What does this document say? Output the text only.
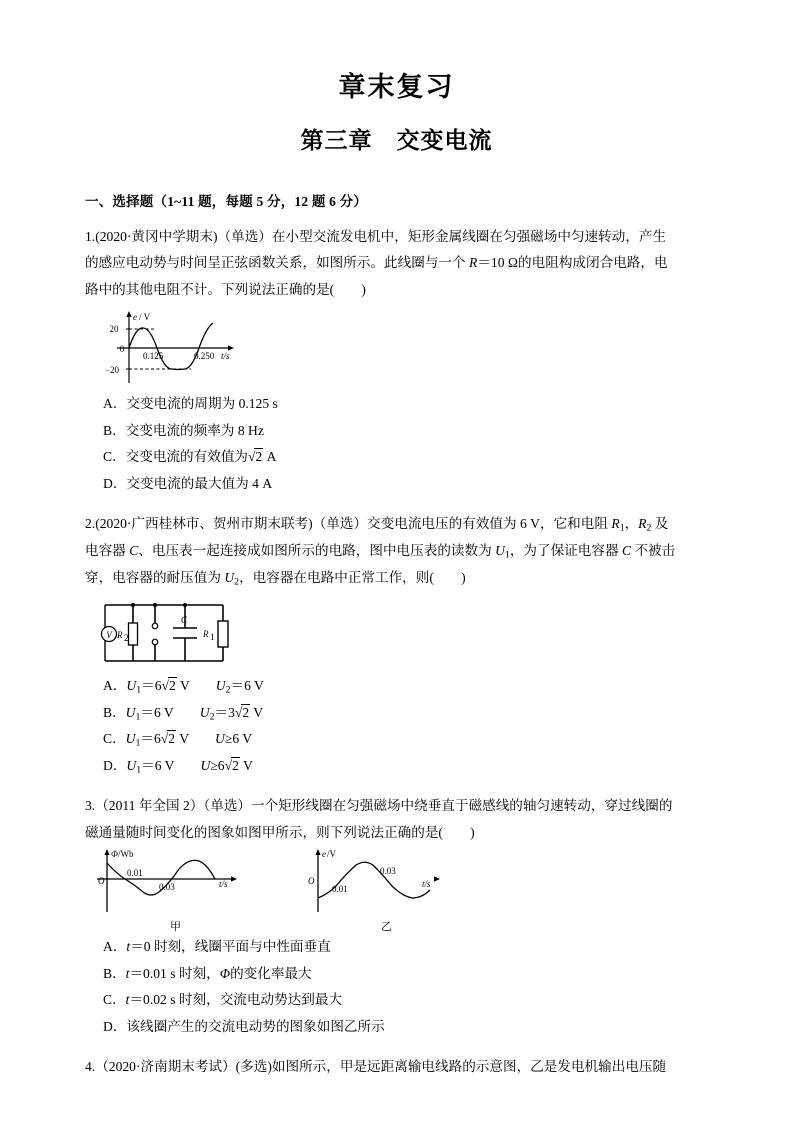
章末复习
第三章　交变电流

一、选择题（1~11 题，每题 5 分，12 题 6 分）

1.(2020·黄冈中学期末)（单选）在小型交流发电机中，矩形金属线圈在匀强磁场中匀速转动，产生

的感应电动势与时间呈正弦函数关系，如图所示。此线圈与一个 R＝10 Ω的电阻构成闭合电路，电

路中的其他电阻不计。下列说法正确的是(　　)

e / V
20
0
−20
0.125	0.250 t/s

A．交变电流的周期为 0.125 s

B．交变电流的频率为 8 Hz

C．交变电流的有效值为√2 A

D．交变电流的最大值为 4 A

2.(2020·广西桂林市、贺州市期末联考)（单选）交变电流电压的有效值为 6 V，它和电阻 $R_1$，$R_2$ 及

电容器 C、电压表一起连接成如图所示的电路，图中电压表的读数为 $U_1$，为了保证电容器 C 不被击

穿，电容器的耐压值为 $U_2$，电容器在电路中正常工作，则(　　)

V R 2
C
R 1

A．$U_1=6√2$ V $U_2=6$ V

B．$U_1=6$ V $U_2=3√2$ V

C．$U_1=6√2$ V U≥6 V

D．$U_1=6$ V U≥6√2 V

3.（2011 年全国 2）（单选）一个矩形线圈在匀强磁场中绕垂直于磁感线的轴匀速转动，穿过线圈的

磁通量随时间变化的图象如图甲所示，则下列说法正确的是(　　)

Φ /Wb
O
0.01
0.03	t/s
甲
e /V
O
0.01
0.03
t/s
乙

A．t＝0 时刻，线圈平面与中性面垂直

B．t＝0.01 s 时刻，Φ的变化率最大

C．t＝0.02 s 时刻，交流电动势达到最大

D．该线圈产生的交流电动势的图象如图乙所示

4.（2020·济南期末考试）(多选)如图所示，甲是远距离输电线路的示意图，乙是发电机输出电压随
